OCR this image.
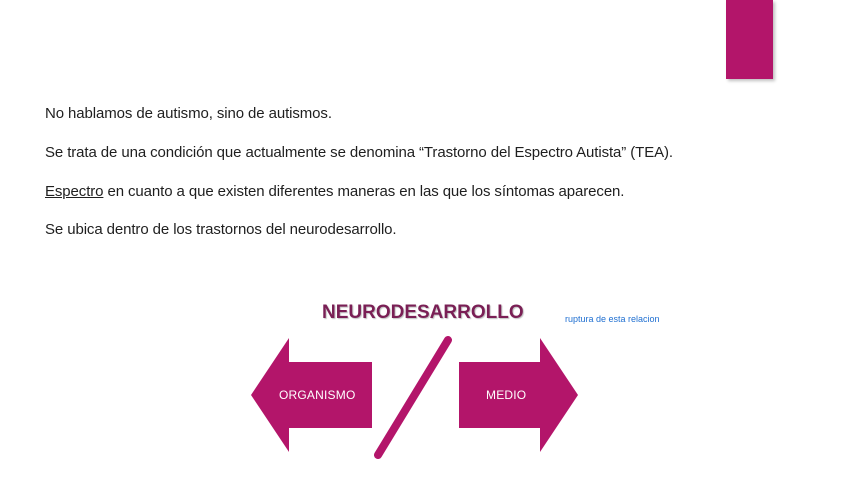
No hablamos de autismo, sino de autismos.
Se trata de una condición que actualmente se denomina “Trastorno del Espectro Autista” (TEA).
Espectro en cuanto a que existen diferentes maneras en las que los síntomas aparecen.
Se ubica dentro de los trastornos del neurodesarrollo.
NEURODESARROLLO	ruptura de esta relacion
ORGANISMO	MEDIO
